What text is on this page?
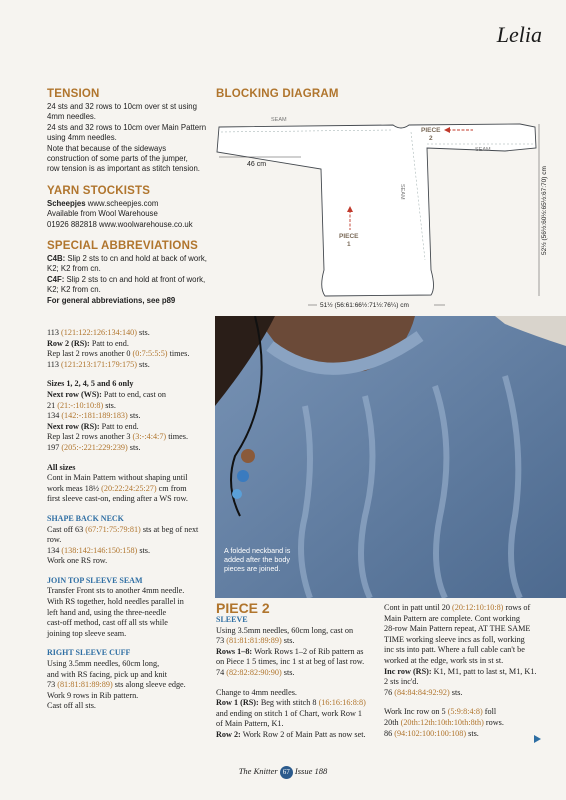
Lelia
TENSION
24 sts and 32 rows to 10cm over st st using
4mm needles.
24 sts and 32 rows to 10cm over Main Pattern
using 4mm needles.
Note that because of the sideways
construction of some parts of the jumper,
row tension is as important as stitch tension.
YARN STOCKISTS
Scheepjes www.scheepjes.com
Available from Wool Warehouse
01926 882818 www.woolwarehouse.co.uk
SPECIAL ABBREVIATIONS
C4B: Slip 2 sts to cn and hold at back of work,
K2; K2 from cn.
C4F: Slip 2 sts to cn and hold at front of work,
K2; K2 from cn.
For general abbreviations, see p89
BLOCKING DIAGRAM
SEAM
SEAM
SEAM
PIECE
2
PIECE
1
46 cm
52½ (56½:60½:65½:67:70) cm
51½ (56:61:66½:71½:76¼) cm
113 (121:122:126:134:140) sts.
Row 2 (RS): Patt to end.
Rep last 2 rows another 0 (0:7:5:5:5) times.
113 (121:213:171:179:175) sts.
Sizes 1, 2, 4, 5 and 6 only
Next row (WS): Patt to end, cast on
21 (21:-:10:10:8) sts.
134 (142:-:181:189:183) sts.
Next row (RS): Patt to end.
Rep last 2 rows another 3 (3:-:4:4:7) times.
197 (205:-:221:229:239) sts.
All sizes
Cont in Main Pattern without shaping until
work meas 18½ (20:22:24:25:27) cm from
first sleeve cast-on, ending after a WS row.
SHAPE BACK NECK
Cast off 63 (67:71:75:79:81) sts at beg of next
row.
134 (138:142:146:150:158) sts.
Work one RS row.
JOIN TOP SLEEVE SEAM
Transfer Front sts to another 4mm needle.
With RS together, hold needles parallel in
left hand and, using the three-needle
cast-off method, cast off all sts while
joining top sleeve seam.
RIGHT SLEEVE CUFF
Using 3.5mm needles, 60cm long,
and with RS facing, pick up and knit
73 (81:81:81:89:89) sts along sleeve edge.
Work 9 rows in Rib pattern.
Cast off all sts.
A folded neckband is added after the body pieces are joined.
PIECE 2
SLEEVE
Using 3.5mm needles, 60cm long, cast on
73 (81:81:81:89:89) sts.
Rows 1–8: Work Rows 1–2 of Rib pattern as
on Piece 1 5 times, inc 1 st at beg of last row.
74 (82:82:82:90:90) sts.
Change to 4mm needles.
Row 1 (RS): Beg with stitch 8 (16:16:16:8:8)
and ending on stitch 1 of Chart, work Row 1
of Main Pattern, K1.
Row 2: Work Row 2 of Main Patt as now set.
Cont in patt until 20 (20:12:10:10:8) rows of
Main Pattern are complete. Cont working
28-row Main Pattern repeat, AT THE SAME
TIME working sleeve incs as foll, working
inc sts into patt. Where a full cable can't be
worked at the edge, work sts in st st.
Inc row (RS): K1, M1, patt to last st, M1, K1.
2 sts inc'd.
76 (84:84:84:92:92) sts.
Work Inc row on 5 (5:9:8:4:8) foll
20th (20th:12th:10th:10th:8th) rows.
86 (94:102:100:100:108) sts.
The Knitter 67 Issue 188
